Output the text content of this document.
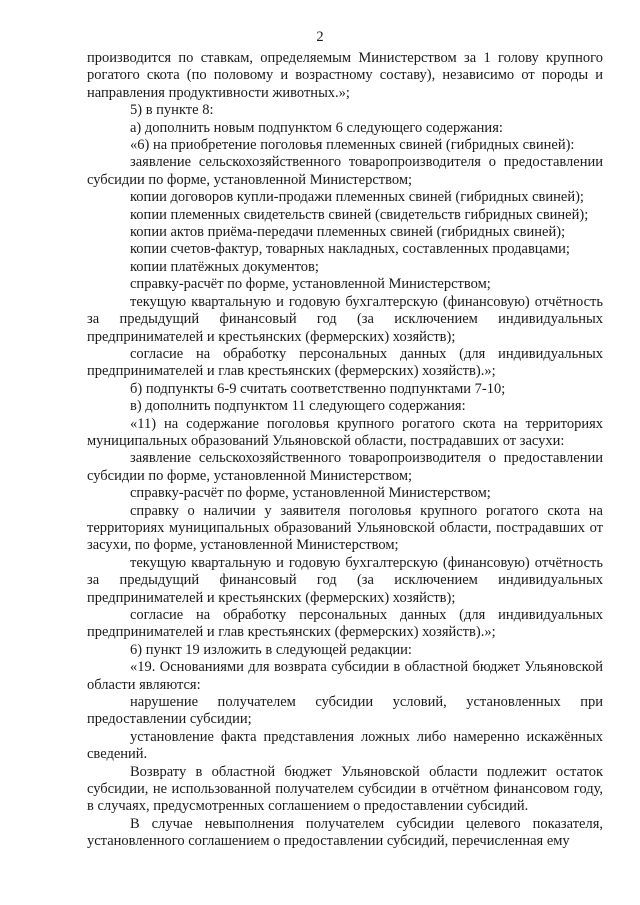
2

производится по ставкам, определяемым Министерством за 1 голову крупного рогатого скота (по половому и возрастному составу), независимо от породы и направления продуктивности животных.»;

5) в пункте 8:

а) дополнить новым подпунктом 6 следующего содержания:

«6) на приобретение поголовья племенных свиней (гибридных свиней):

заявление сельскохозяйственного товаропроизводителя о предоставлении субсидии по форме, установленной Министерством;

копии договоров купли-продажи племенных свиней (гибридных свиней);

копии племенных свидетельств свиней (свидетельств гибридных свиней);

копии актов приёма-передачи племенных свиней (гибридных свиней);

копии счетов-фактур, товарных накладных, составленных продавцами;

копии платёжных документов;

справку-расчёт по форме, установленной Министерством;

текущую квартальную и годовую бухгалтерскую (финансовую) отчётность за предыдущий финансовый год (за исключением индивидуальных предпринимателей и крестьянских (фермерских) хозяйств);

согласие на обработку персональных данных (для индивидуальных предпринимателей и глав крестьянских (фермерских) хозяйств).»;

б) подпункты 6-9 считать соответственно подпунктами 7-10;

в) дополнить подпунктом 11 следующего содержания:

«11) на содержание поголовья крупного рогатого скота на территориях муниципальных образований Ульяновской области, пострадавших от засухи:

заявление сельскохозяйственного товаропроизводителя о предоставлении субсидии по форме, установленной Министерством;

справку-расчёт по форме, установленной Министерством;

справку о наличии у заявителя поголовья крупного рогатого скота на территориях муниципальных образований Ульяновской области, пострадавших от засухи, по форме, установленной Министерством;

текущую квартальную и годовую бухгалтерскую (финансовую) отчётность за предыдущий финансовый год (за исключением индивидуальных предпринимателей и крестьянских (фермерских) хозяйств);

согласие на обработку персональных данных (для индивидуальных предпринимателей и глав крестьянских (фермерских) хозяйств).»;

6) пункт 19 изложить в следующей редакции:

«19. Основаниями для возврата субсидии в областной бюджет Ульяновской области являются:

нарушение получателем субсидии условий, установленных при предоставлении субсидии;

установление факта представления ложных либо намеренно искажённых сведений.

Возврату в областной бюджет Ульяновской области подлежит остаток субсидии, не использованной получателем субсидии в отчётном финансовом году, в случаях, предусмотренных соглашением о предоставлении субсидий.

В случае невыполнения получателем субсидии целевого показателя, установленного соглашением о предоставлении субсидий, перечисленная ему
